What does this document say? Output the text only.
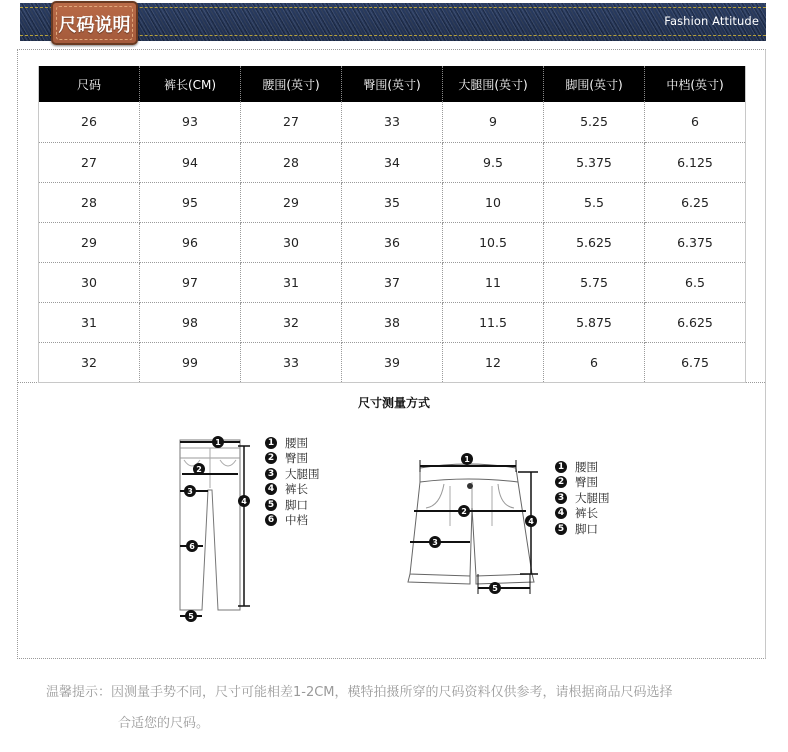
Fashion Attitude
尺码说明
尺码	裤长(CM)	腰围(英寸)	臀围(英寸)	大腿围(英寸)	脚围(英寸)	中档(英寸)
26	93	27	33	9	5.25	6
27	94	28	34	9.5	5.375	6.125
28	95	29	35	10	5.5	6.25
29	96	30	36	10.5	5.625	6.375
30	97	31	37	11	5.75	6.5
31	98	32	38	11.5	5.875	6.625
32	99	33	39	12	6	6.75
尺寸测量方式
1
2
3
4
5
6
1 腰围
2 臀围
3 大腿围
4 裤长
5 脚口
6 中档
1
2
3
4
5
1 腰围
2 臀围
3 大腿围
4 裤长
5 脚口
温馨提示：因测量手势不同，尺寸可能相差1-2CM，模特拍摄所穿的尺码资料仅供参考，请根据商品尺码选择
合适您的尺码。
